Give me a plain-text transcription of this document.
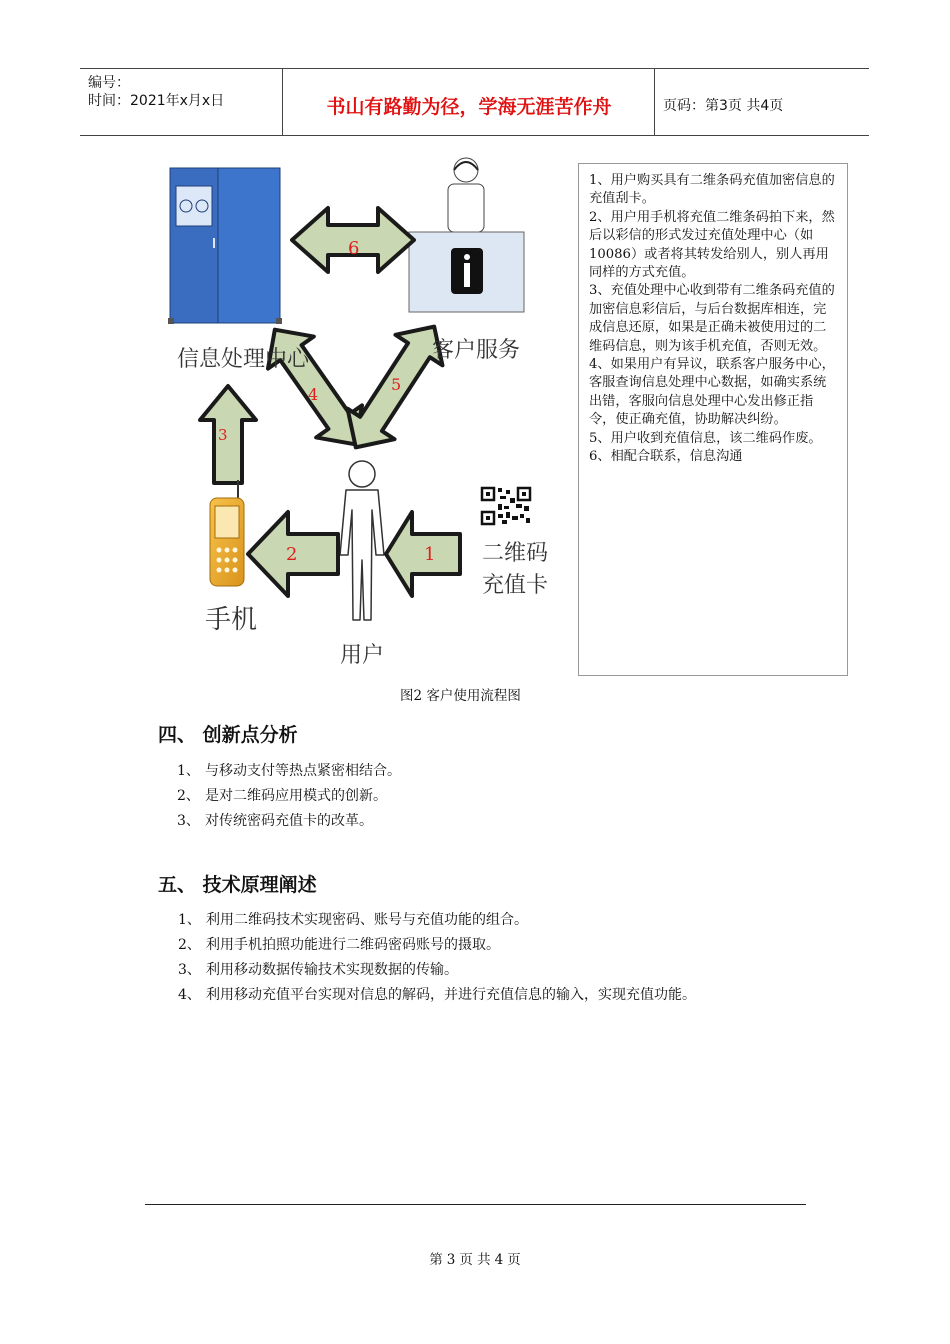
编号：
时间：2021年x月x日	书山有路勤为径，学海无涯苦作舟	页码：第3页 共4页
6
4
5
3
2	1
信息处理中心	客户服务
手机
用户
二维码
充值卡

1、用户购买具有二维条码充值加密信息的充值刮卡。

2、用户用手机将充值二维条码拍下来，然后以彩信的形式发过充值处理中心（如10086）或者将其转发给别人，别人再用同样的方式充值。

3、充值处理中心收到带有二维条码充值的加密信息彩信后，与后台数据库相连，完成信息还原，如果是正确未被使用过的二维码信息，则为该手机充值，否则无效。

4、如果用户有异议，联系客户服务中心，客服查询信息处理中心数据，如确实系统出错，客服向信息处理中心发出修正指令，使正确充值，协助解决纠纷。

5、用户收到充值信息，该二维码作废。

6、相配合联系，信息沟通

图2 客户使用流程图
四、 创新点分析
1、 与移动支付等热点紧密相结合。
2、 是对二维码应用模式的创新。
3、 对传统密码充值卡的改革。
五、 技术原理阐述
1、 利用二维码技术实现密码、账号与充值功能的组合。
2、 利用手机拍照功能进行二维码密码账号的摄取。
3、 利用移动数据传输技术实现数据的传输。
4、 利用移动充值平台实现对信息的解码，并进行充值信息的输入，实现充值功能。
第 3 页 共 4 页
